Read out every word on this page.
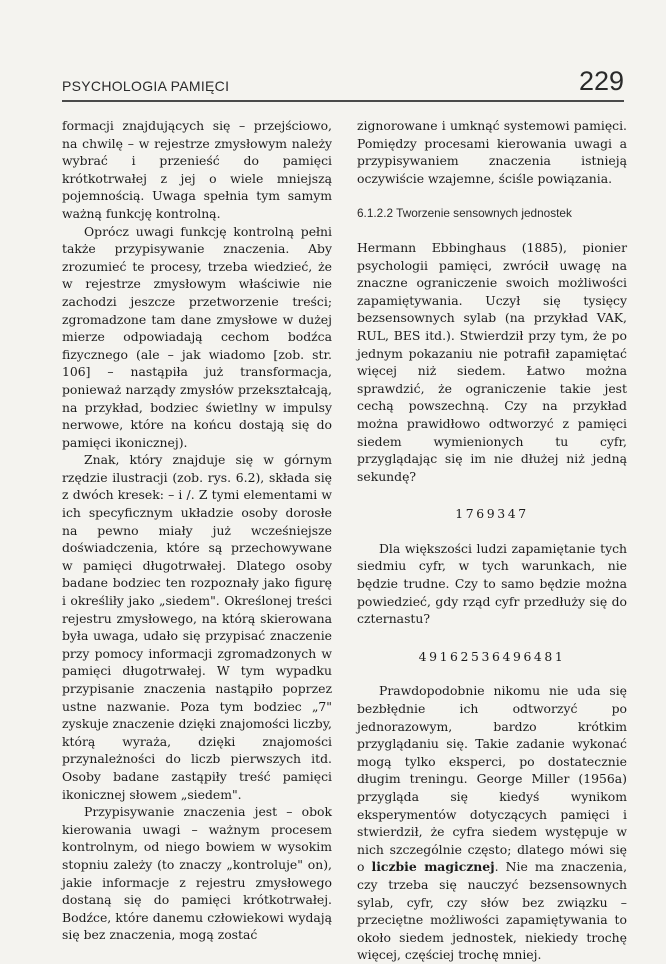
PSYCHOLOGIA PAMIĘCI	229

formacji znajdujących się – przejściowo, na chwilę – w rejestrze zmysłowym należy wybrać i przenieść do pamięci krótkotrwałej z jej o wiele mniejszą pojemnością. Uwaga spełnia tym samym ważną funkcję kontrolną.

Oprócz uwagi funkcję kontrolną pełni także przypisywanie znaczenia. Aby zrozumieć te procesy, trzeba wiedzieć, że w rejestrze zmysłowym właściwie nie zachodzi jeszcze przetworzenie treści; zgromadzone tam dane zmysłowe w dużej mierze odpowiadają cechom bodźca fizycznego (ale – jak wiadomo [zob. str. 106] – nastąpiła już transformacja, ponieważ narządy zmysłów przekształcają, na przykład, bodziec świetlny w impulsy nerwowe, które na końcu dostają się do pamięci ikonicznej).

Znak, który znajduje się w górnym rzędzie ilustracji (zob. rys. 6.2), składa się z dwóch kresek: – i /. Z tymi elementami w ich specyficznym układzie osoby dorosłe na pewno miały już wcześniejsze doświadczenia, które są przechowywane w pamięci długotrwałej. Dlatego osoby badane bodziec ten rozpoznały jako figurę i określiły jako „siedem". Określonej treści rejestru zmysłowego, na którą skierowana była uwaga, udało się przypisać znaczenie przy pomocy informacji zgromadzonych w pamięci długotrwałej. W tym wypadku przypisanie znaczenia nastąpiło poprzez ustne nazwanie. Poza tym bodziec „7" zyskuje znaczenie dzięki znajomości liczby, którą wyraża, dzięki znajomości przynależności do liczb pierwszych itd. Osoby badane zastąpiły treść pamięci ikonicznej słowem „siedem".

Przypisywanie znaczenia jest – obok kierowania uwagi – ważnym procesem kontrolnym, od niego bowiem w wysokim stopniu zależy (to znaczy „kontroluje" on), jakie informacje z rejestru zmysłowego dostaną się do pamięci krótkotrwałej. Bodźce, które danemu człowiekowi wydają się bez znaczenia, mogą zostać

zignorowane i umknąć systemowi pamięci. Pomiędzy procesami kierowania uwagi a przypisywaniem znaczenia istnieją oczywiście wzajemne, ściśle powiązania.

6.1.2.2 Tworzenie sensownych jednostek

Hermann Ebbinghaus (1885), pionier psychologii pamięci, zwrócił uwagę na znaczne ograniczenie swoich możliwości zapamiętywania. Uczył się tysięcy bezsensownych sylab (na przykład VAK, RUL, BES itd.). Stwierdził przy tym, że po jednym pokazaniu nie potrafił zapamiętać więcej niż siedem. Łatwo można sprawdzić, że ograniczenie takie jest cechą powszechną. Czy na przykład można prawidłowo odtworzyć z pamięci siedem wymienionych tu cyfr, przyglądając się im nie dłużej niż jedną sekundę?

1769347

Dla większości ludzi zapamiętanie tych siedmiu cyfr, w tych warunkach, nie będzie trudne. Czy to samo będzie można powiedzieć, gdy rząd cyfr przedłuży się do czternastu?

49162536496481

Prawdopodobnie nikomu nie uda się bezbłędnie ich odtworzyć po jednorazowym, bardzo krótkim przyglądaniu się. Takie zadanie wykonać mogą tylko eksperci, po dostatecznie długim treningu. George Miller (1956a) przygląda się kiedyś wynikom eksperymentów dotyczących pamięci i stwierdził, że cyfra siedem występuje w nich szczególnie często; dlatego mówi się o liczbie magicznej. Nie ma znaczenia, czy trzeba się nauczyć bezsensownych sylab, cyfr, czy słów bez związku – przeciętne możliwości zapamiętywania to około siedem jednostek, niekiedy trochę więcej, częściej trochę mniej.
